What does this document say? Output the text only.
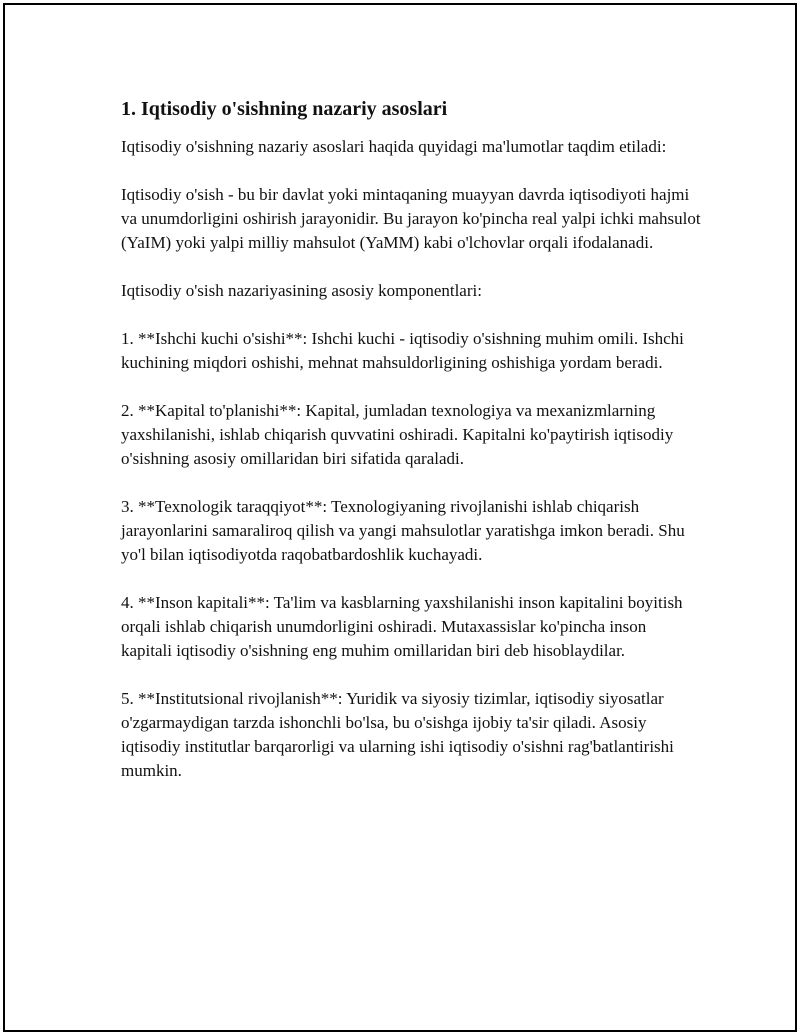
1. Iqtisodiy o'sishning nazariy asoslari

Iqtisodiy o'sishning nazariy asoslari haqida quyidagi ma'lumotlar taqdim etiladi:

Iqtisodiy o'sish - bu bir davlat yoki mintaqaning muayyan davrda iqtisodiyoti hajmi va unumdorligini oshirish jarayonidir. Bu jarayon ko'pincha real yalpi ichki mahsulot (YaIM) yoki yalpi milliy mahsulot (YaMM) kabi o'lchovlar orqali ifodalanadi.

Iqtisodiy o'sish nazariyasining asosiy komponentlari:

1. **Ishchi kuchi o'sishi**: Ishchi kuchi - iqtisodiy o'sishning muhim omili. Ishchi kuchining miqdori oshishi, mehnat mahsuldorligining oshishiga yordam beradi.

2. **Kapital to'planishi**: Kapital, jumladan texnologiya va mexanizmlarning yaxshilanishi, ishlab chiqarish quvvatini oshiradi. Kapitalni ko'paytirish iqtisodiy o'sishning asosiy omillaridan biri sifatida qaraladi.

3. **Texnologik taraqqiyot**: Texnologiyaning rivojlanishi ishlab chiqarish jarayonlarini samaraliroq qilish va yangi mahsulotlar yaratishga imkon beradi. Shu yo'l bilan iqtisodiyotda raqobatbardoshlik kuchayadi.

4. **Inson kapitali**: Ta'lim va kasblarning yaxshilanishi inson kapitalini boyitish orqali ishlab chiqarish unumdorligini oshiradi. Mutaxassislar ko'pincha inson kapitali iqtisodiy o'sishning eng muhim omillaridan biri deb hisoblaydilar.

5. **Institutsional rivojlanish**: Yuridik va siyosiy tizimlar, iqtisodiy siyosatlar o'zgarmaydigan tarzda ishonchli bo'lsa, bu o'sishga ijobiy ta'sir qiladi. Asosiy iqtisodiy institutlar barqarorligi va ularning ishi iqtisodiy o'sishni rag'batlantirishi mumkin.
